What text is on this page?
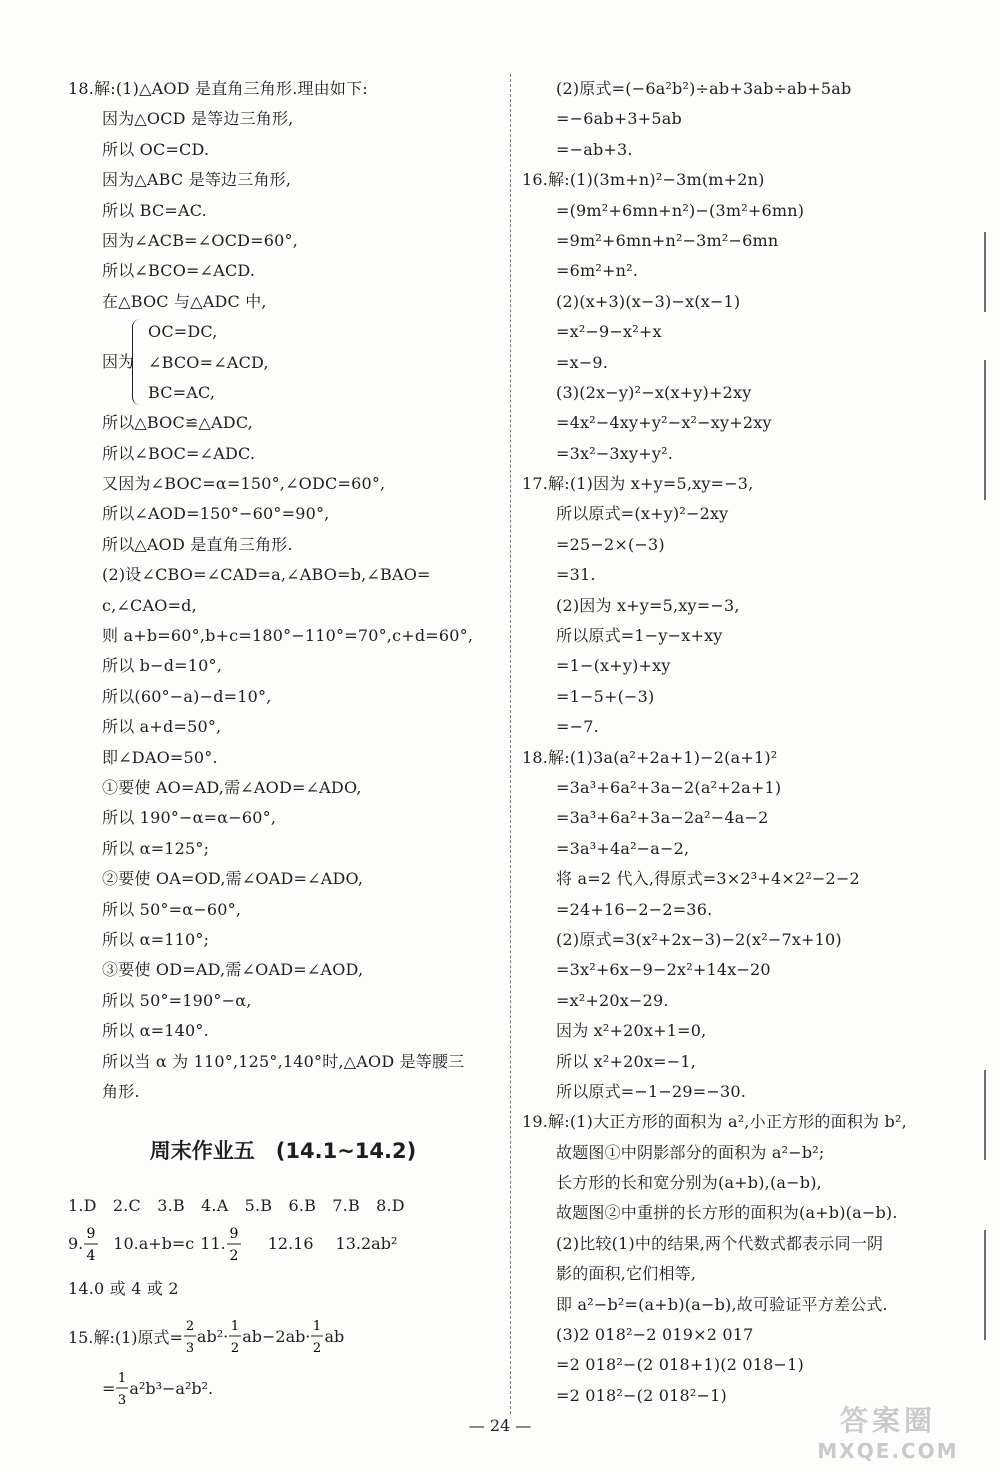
18.解:(1)△AOD 是直角三角形.理由如下:
因为△OCD 是等边三角形,
所以 OC=CD.
因为△ABC 是等边三角形,
所以 BC=AC.
因为∠ACB=∠OCD=60°,
所以∠BCO=∠ACD.
在△BOC 与△ADC 中,
因为
OC=DC,
∠BCO=∠ACD,
BC=AC,
所以△BOC≌△ADC,
所以∠BOC=∠ADC.
又因为∠BOC=α=150°,∠ODC=60°,
所以∠AOD=150°−60°=90°,
所以△AOD 是直角三角形.
(2)设∠CBO=∠CAD=a,∠ABO=b,∠BAO=
c,∠CAO=d,
则 a+b=60°,b+c=180°−110°=70°,c+d=60°,
所以 b−d=10°,
所以(60°−a)−d=10°,
所以 a+d=50°,
即∠DAO=50°.
①要使 AO=AD,需∠AOD=∠ADO,
所以 190°−α=α−60°,
所以 α=125°;
②要使 OA=OD,需∠OAD=∠ADO,
所以 50°=α−60°,
所以 α=110°;
③要使 OD=AD,需∠OAD=∠AOD,
所以 50°=190°−α,
所以 α=140°.
所以当 α 为 110°,125°,140°时,△AOD 是等腰三
角形.
周末作业五　(14.1~14.2)
1.D　2.C　3.B　4.A　5.B　6.B　7.B　8.D
9.
9
4
10.a+b=c 11.
9
2
12.16 13.2ab²
14.0 或 4 或 2
15.解:(1)原式=
2
3
ab²· 1
2
ab−2ab· 1
2
ab
= 1
3
a²b³−a²b².
(2)原式=(−6a²b²)÷ab+3ab÷ab+5ab
=−6ab+3+5ab
=−ab+3.
16.解:(1)(3m+n)²−3m(m+2n)
=(9m²+6mn+n²)−(3m²+6mn)
=9m²+6mn+n²−3m²−6mn
=6m²+n².
(2)(x+3)(x−3)−x(x−1)
=x²−9−x²+x
=x−9.
(3)(2x−y)²−x(x+y)+2xy
=4x²−4xy+y²−x²−xy+2xy
=3x²−3xy+y².
17.解:(1)因为 x+y=5,xy=−3,
所以原式=(x+y)²−2xy
=25−2×(−3)
=31.
(2)因为 x+y=5,xy=−3,
所以原式=1−y−x+xy
=1−(x+y)+xy
=1−5+(−3)
=−7.
18.解:(1)3a(a²+2a+1)−2(a+1)²
=3a³+6a²+3a−2(a²+2a+1)
=3a³+6a²+3a−2a²−4a−2
=3a³+4a²−a−2,
将 a=2 代入,得原式=3×2³+4×2²−2−2
=24+16−2−2=36.
(2)原式=3(x²+2x−3)−2(x²−7x+10)
=3x²+6x−9−2x²+14x−20
=x²+20x−29.
因为 x²+20x+1=0,
所以 x²+20x=−1,
所以原式=−1−29=−30.
19.解:(1)大正方形的面积为 a²,小正方形的面积为 b²,
故题图①中阴影部分的面积为 a²−b²;
长方形的长和宽分别为(a+b),(a−b),
故题图②中重拼的长方形的面积为(a+b)(a−b).
(2)比较(1)中的结果,两个代数式都表示同一阴
影的面积,它们相等,
即 a²−b²=(a+b)(a−b),故可验证平方差公式.
(3)2 018²−2 019×2 017
=2 018²−(2 018+1)(2 018−1)
=2 018²−(2 018²−1)
— 24 —	答案圈
MXQE.COM
